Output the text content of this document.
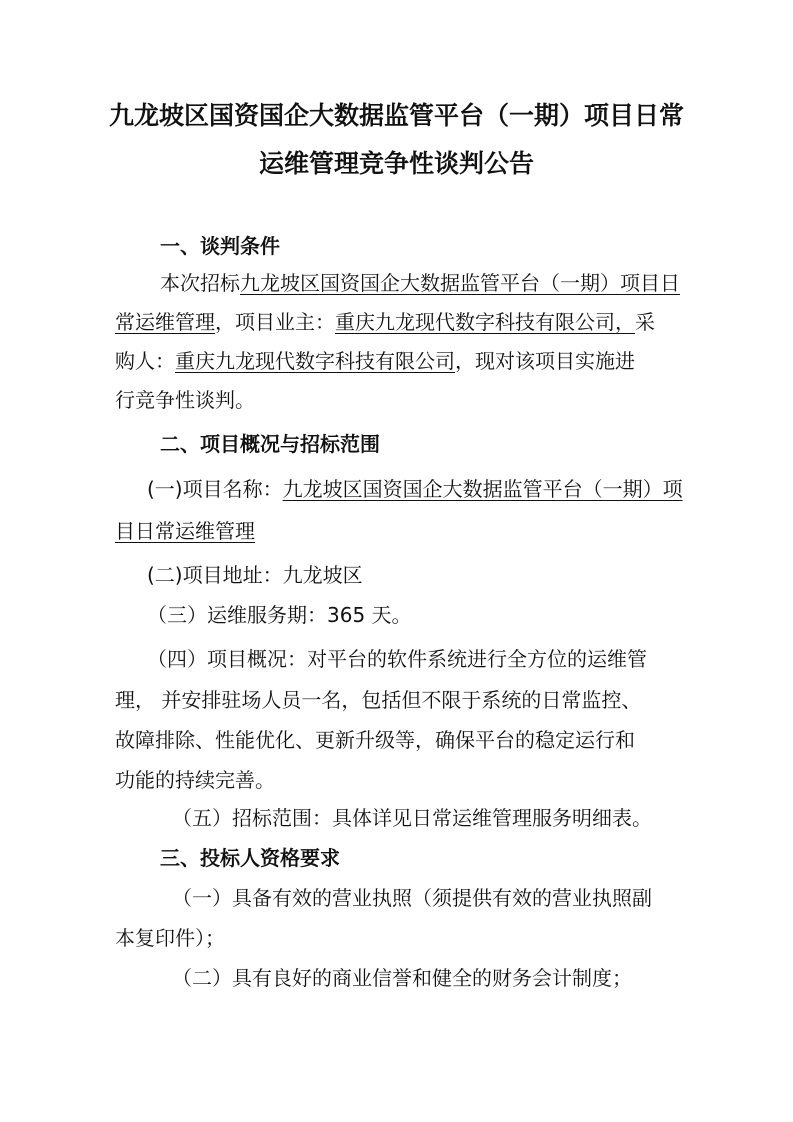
九龙坡区国资国企大数据监管平台（一期）项目日常
运维管理竞争性谈判公告
一、谈判条件
本次招标九龙坡区国资国企大数据监管平台（一期）项目日
常运维管理，项目业主：重庆九龙现代数字科技有限公司，采
购人：重庆九龙现代数字科技有限公司，现对该项目实施进
行竞争性谈判。
二、项目概况与招标范围
(一)项目名称：九龙坡区国资国企大数据监管平台（一期）项
目日常运维管理
(二)项目地址：九龙坡区
（三）运维服务期：365 天。
（四）项目概况：对平台的软件系统进行全方位的运维管
理， 并安排驻场人员一名，包括但不限于系统的日常监控、
故障排除、性能优化、更新升级等，确保平台的稳定运行和
功能的持续完善。
（五）招标范围：具体详见日常运维管理服务明细表。
三、投标人资格要求
（一）具备有效的营业执照（须提供有效的营业执照副
本复印件）；
（二）具有良好的商业信誉和健全的财务会计制度；
